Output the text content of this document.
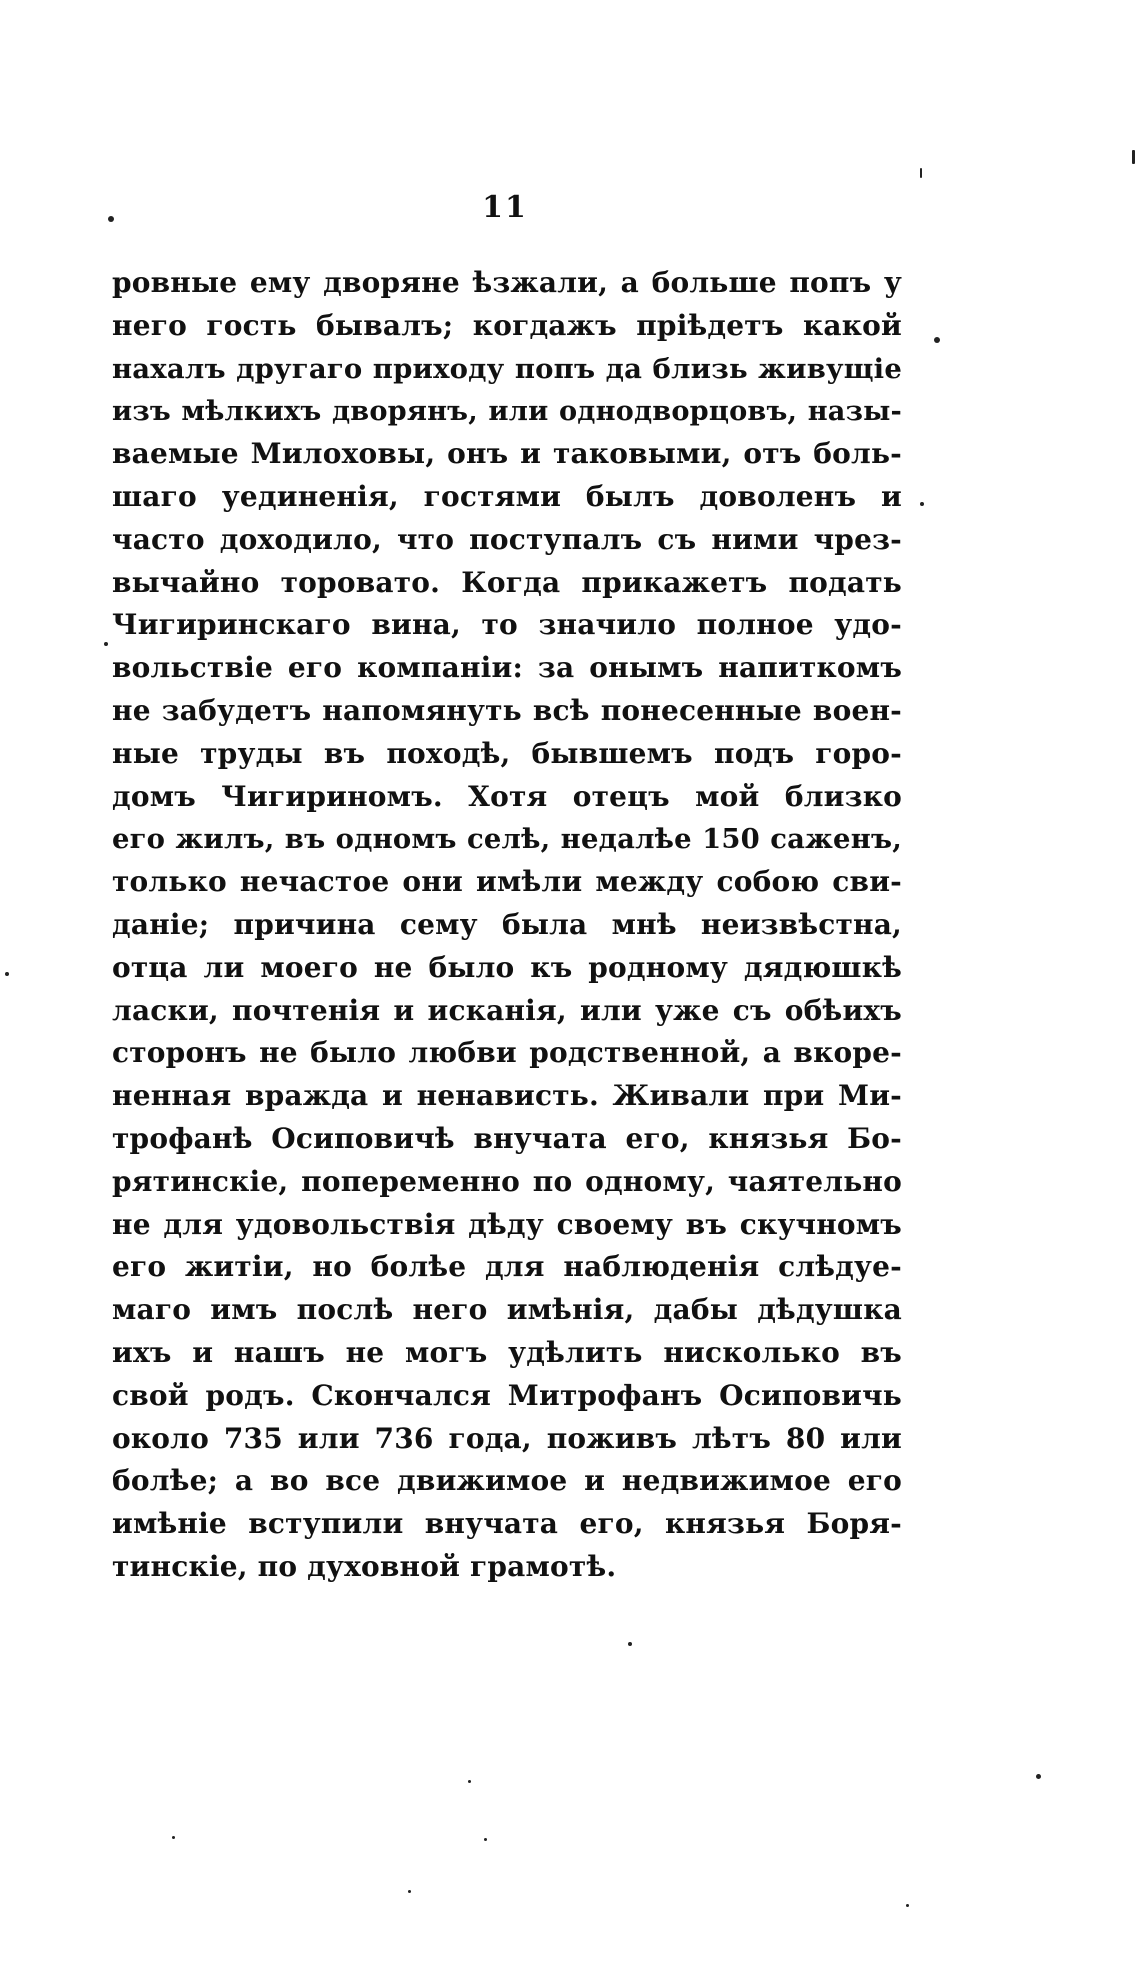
11
ровные ему дворяне ѣзжали, а больше попъ у
него гость бывалъ; когдажъ пріѣдетъ какой
нахалъ другаго приходу попъ да близь живущіе
изъ мѣлкихъ дворянъ, или однодворцовъ, назы-
ваемые Милоховы, онъ и таковыми, отъ боль-
шаго уединенія, гостями былъ доволенъ и
часто доходило, что поступалъ съ ними чрез-
вычайно торовато. Когда прикажетъ подать
Чигиринскаго вина, то значило полное удо-
вольствіе его компаніи: за онымъ напиткомъ
не забудетъ напомянуть всѣ понесенные воен-
ные труды въ походѣ, бывшемъ подъ горо-
домъ Чигириномъ. Хотя отецъ мой близко
его жилъ, въ одномъ селѣ, недалѣе 150 саженъ,
только нечастое они имѣли между собою сви-
даніе; причина сему была мнѣ неизвѣстна,
отца ли моего не было къ родному дядюшкѣ
ласки, почтенія и исканія, или уже съ обѣихъ
сторонъ не было любви родственной, а вкоре-
ненная вражда и ненависть. Живали при Ми-
трофанѣ Осиповичѣ внучата его, князья Бо-
рятинскіе, попеременно по одному, чаятельно
не для удовольствія дѣду своему въ скучномъ
его житіи, но болѣе для наблюденія слѣдуе-
маго имъ послѣ него имѣнія, дабы дѣдушка
ихъ и нашъ не могъ удѣлить нисколько въ
свой родъ. Скончался Митрофанъ Осиповичь
около 735 или 736 года, поживъ лѣтъ 80 или
болѣе; а во все движимое и недвижимое его
имѣніе вступили внучата его, князья Боря-
тинскіе, по духовной грамотѣ.
